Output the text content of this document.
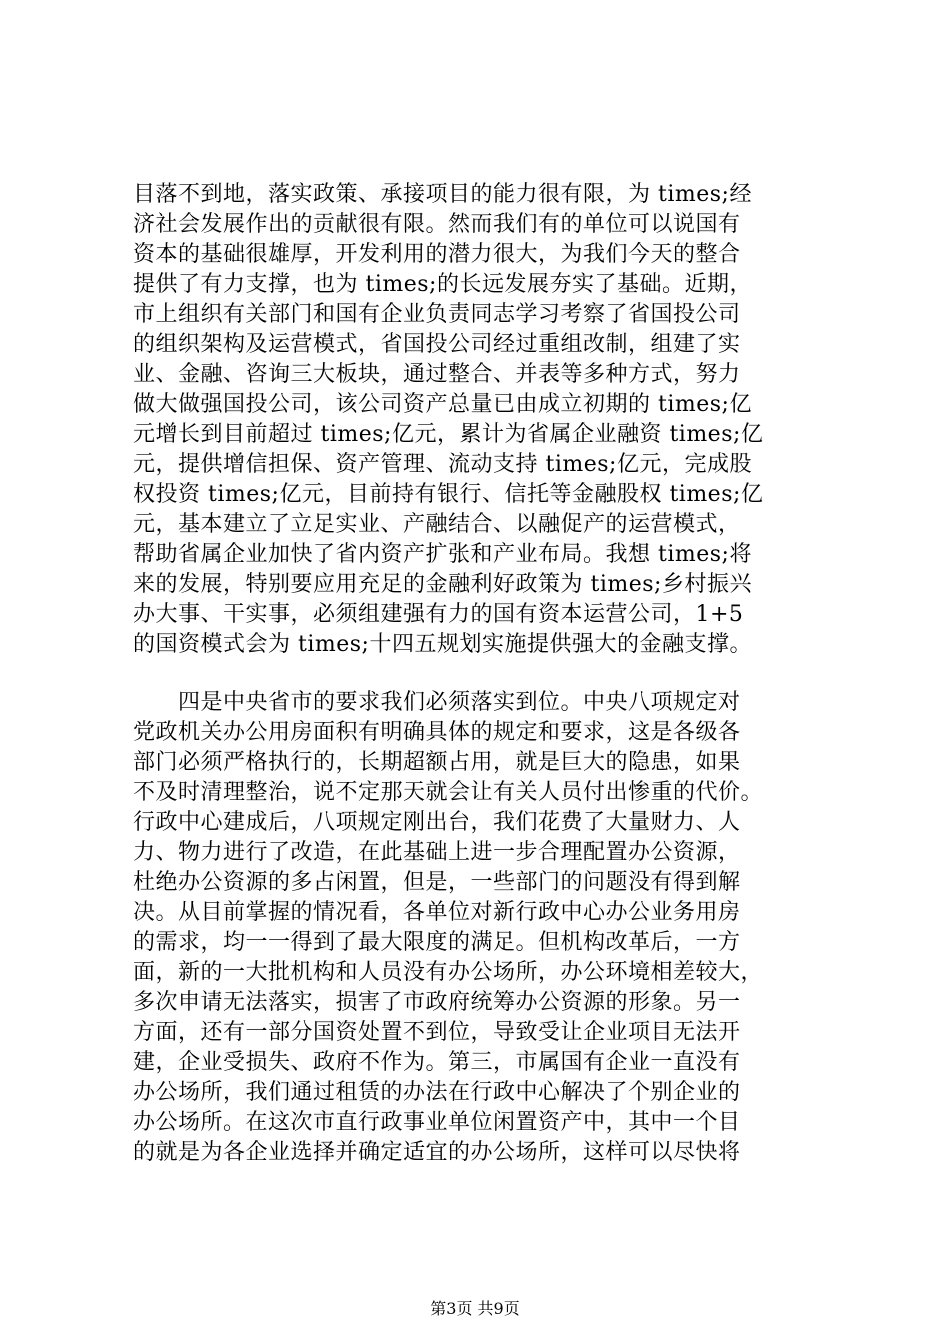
目落不到地，落实政策、承接项目的能力很有限，为 times;经
济社会发展作出的贡献很有限。然而我们有的单位可以说国有
资本的基础很雄厚，开发利用的潜力很大，为我们今天的整合
提供了有力支撑，也为 times;的长远发展夯实了基础。近期，
市上组织有关部门和国有企业负责同志学习考察了省国投公司
的组织架构及运营模式，省国投公司经过重组改制，组建了实
业、金融、咨询三大板块，通过整合、并表等多种方式，努力
做大做强国投公司，该公司资产总量已由成立初期的 times;亿
元增长到目前超过 times;亿元，累计为省属企业融资 times;亿
元，提供增信担保、资产管理、流动支持 times;亿元，完成股
权投资 times;亿元，目前持有银行、信托等金融股权 times;亿
元，基本建立了立足实业、产融结合、以融促产的运营模式，
帮助省属企业加快了省内资产扩张和产业布局。我想 times;将
来的发展，特别要应用充足的金融利好政策为 times;乡村振兴
办大事、干实事，必须组建强有力的国有资本运营公司，1+5
的国资模式会为 times;十四五规划实施提供强大的金融支撑。
　　四是中央省市的要求我们必须落实到位。中央八项规定对
党政机关办公用房面积有明确具体的规定和要求，这是各级各
部门必须严格执行的，长期超额占用，就是巨大的隐患，如果
不及时清理整治，说不定那天就会让有关人员付出惨重的代价。
行政中心建成后，八项规定刚出台，我们花费了大量财力、人
力、物力进行了改造，在此基础上进一步合理配置办公资源，
杜绝办公资源的多占闲置，但是，一些部门的问题没有得到解
决。从目前掌握的情况看，各单位对新行政中心办公业务用房
的需求，均一一得到了最大限度的满足。但机构改革后，一方
面，新的一大批机构和人员没有办公场所，办公环境相差较大，
多次申请无法落实，损害了市政府统筹办公资源的形象。另一
方面，还有一部分国资处置不到位，导致受让企业项目无法开
建，企业受损失、政府不作为。第三，市属国有企业一直没有
办公场所，我们通过租赁的办法在行政中心解决了个别企业的
办公场所。在这次市直行政事业单位闲置资产中，其中一个目
的就是为各企业选择并确定适宜的办公场所，这样可以尽快将
第3页 共9页
